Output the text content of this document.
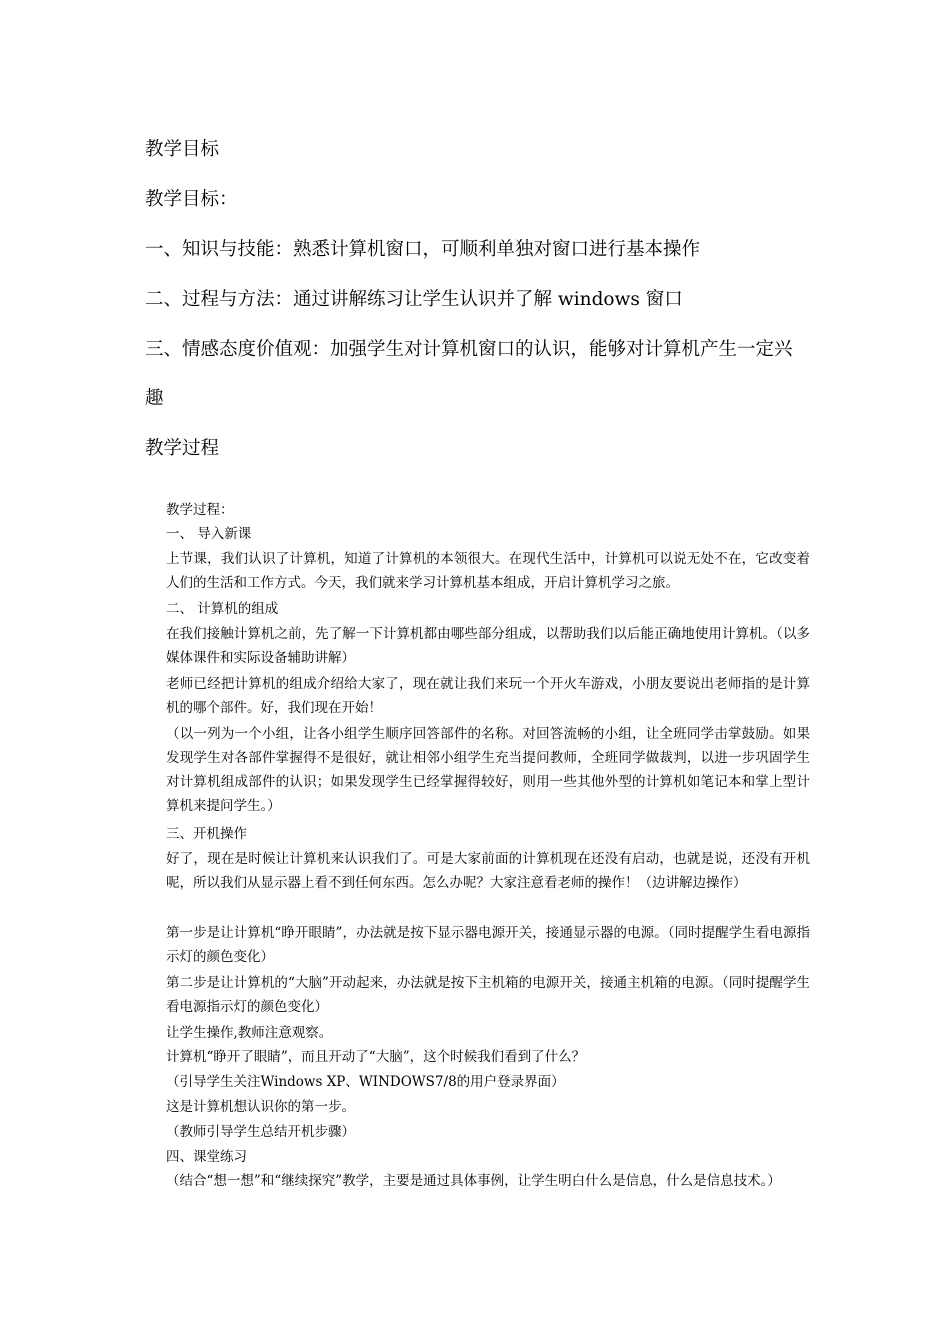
教学目标

教学目标：

一、知识与技能：熟悉计算机窗口，可顺利单独对窗口进行基本操作

二、过程与方法：通过讲解练习让学生认识并了解 windows 窗口

三、情感态度价值观：加强学生对计算机窗口的认识，能够对计算机产生一定兴

趣

教学过程

教学过程：

一、 导入新课

上节课，我们认识了计算机，知道了计算机的本领很大。在现代生活中，计算机可以说无处不在，它改变着人们的生活和工作方式。今天，我们就来学习计算机基本组成，开启计算机学习之旅。

二、 计算机的组成

在我们接触计算机之前，先了解一下计算机都由哪些部分组成，以帮助我们以后能正确地使用计算机。（以多媒体课件和实际设备辅助讲解）

老师已经把计算机的组成介绍给大家了，现在就让我们来玩一个开火车游戏，小朋友要说出老师指的是计算机的哪个部件。好，我们现在开始！

（以一列为一个小组，让各小组学生顺序回答部件的名称。对回答流畅的小组，让全班同学击掌鼓励。如果发现学生对各部件掌握得不是很好，就让相邻小组学生充当提问教师，全班同学做裁判，以进一步巩固学生对计算机组成部件的认识；如果发现学生已经掌握得较好，则用一些其他外型的计算机如笔记本和掌上型计算机来提问学生。）

三、开机操作

好了，现在是时候让计算机来认识我们了。可是大家前面的计算机现在还没有启动，也就是说，还没有开机呢，所以我们从显示器上看不到任何东西。怎么办呢？大家注意看老师的操作！（边讲解边操作）

第一步是让计算机“睁开眼睛”，办法就是按下显示器电源开关，接通显示器的电源。（同时提醒学生看电源指示灯的颜色变化）

第二步是让计算机的“大脑”开动起来，办法就是按下主机箱的电源开关，接通主机箱的电源。（同时提醒学生看电源指示灯的颜色变化）

让学生操作,教师注意观察。

计算机“睁开了眼睛”，而且开动了“大脑”，这个时候我们看到了什么？

（引导学生关注Windows XP、WINDOWS7/8的用户登录界面）

这是计算机想认识你的第一步。

（教师引导学生总结开机步骤）

四、课堂练习

（结合“想一想”和“继续探究”教学，主要是通过具体事例，让学生明白什么是信息，什么是信息技术。）
